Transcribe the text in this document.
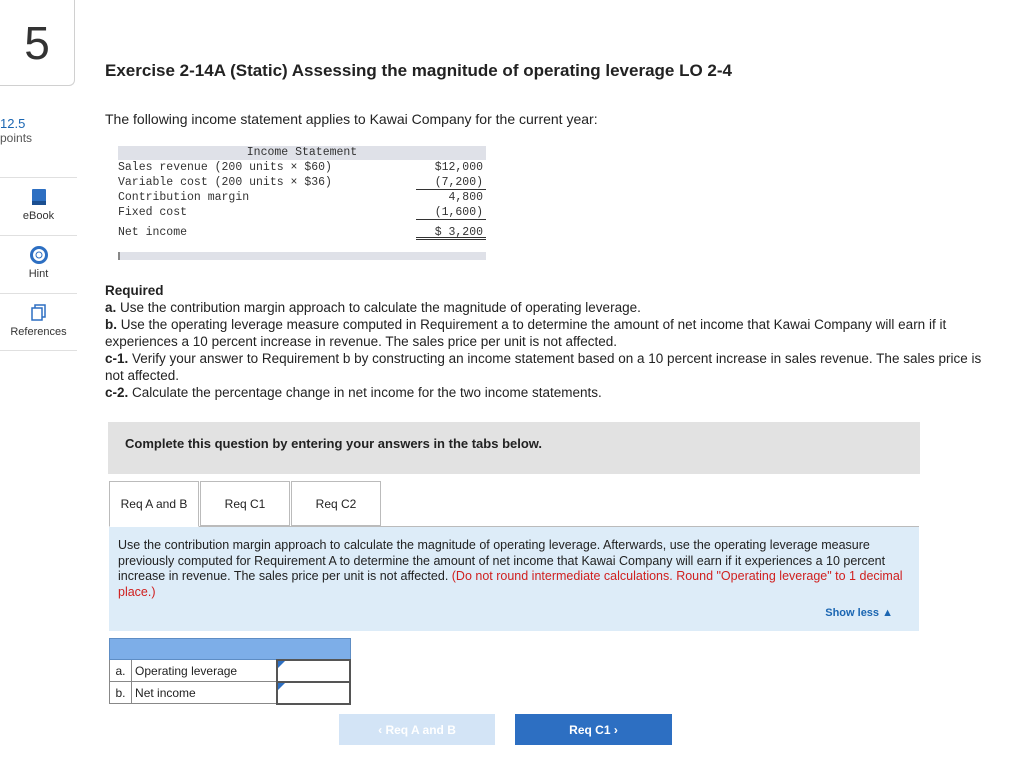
5
12.5
points
eBook
Hint
References
Exercise 2-14A (Static) Assessing the magnitude of operating leverage LO 2-4
The following income statement applies to Kawai Company for the current year:
Income Statement
Sales revenue (200 units × $60)	$12,000
Variable cost (200 units × $36)	(7,200)
Contribution margin	4,800
Fixed cost	(1,600)
Net income	$ 3,200
Required
a. Use the contribution margin approach to calculate the magnitude of operating leverage.
b. Use the operating leverage measure computed in Requirement a to determine the amount of net income that Kawai Company will earn if it experiences a 10 percent increase in revenue. The sales price per unit is not affected.
c-1. Verify your answer to Requirement b by constructing an income statement based on a 10 percent increase in sales revenue. The sales price is not affected.
c-2. Calculate the percentage change in net income for the two income statements.
Complete this question by entering your answers in the tabs below.
Req A and B	Req C1	Req C2
Use the contribution margin approach to calculate the magnitude of operating leverage. Afterwards, use the operating leverage measure previously computed for Requirement A to determine the amount of net income that Kawai Company will earn if it experiences a 10 percent increase in revenue. The sales price per unit is not affected. (Do not round intermediate calculations. Round "Operating leverage" to 1 decimal place.)
Show less ▲

a.	Operating leverage	
b.	Net income	
‹ Req A and B	Req C1 ›
